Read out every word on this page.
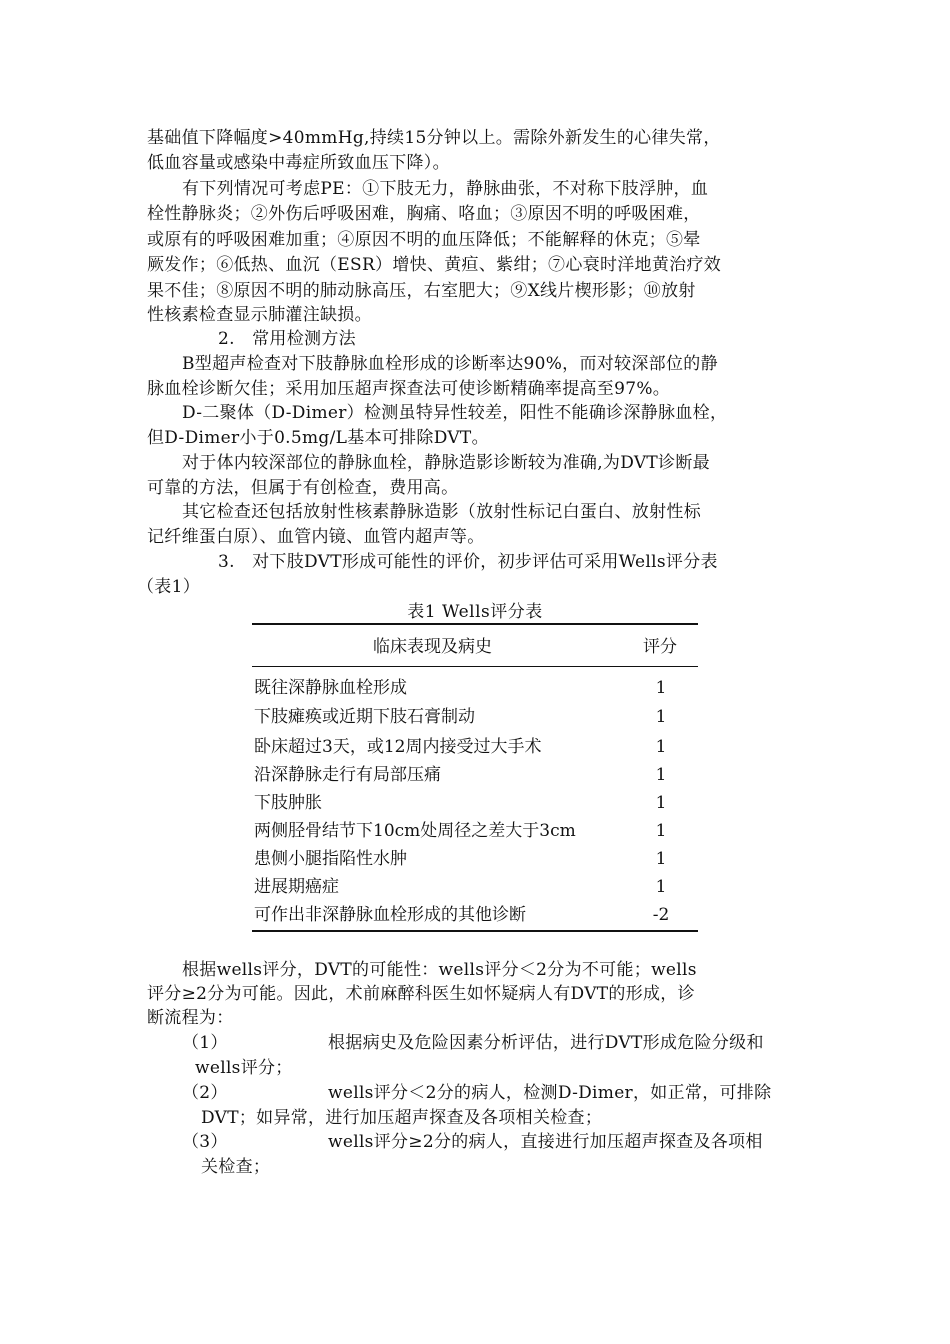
基础值下降幅度>40mmHg,持续15分钟以上。需除外新发生的心律失常，
低血容量或感染中毒症所致血压下降）。
有下列情况可考虑PE：①下肢无力，静脉曲张，不对称下肢浮肿，血
栓性静脉炎；②外伤后呼吸困难，胸痛、咯血；③原因不明的呼吸困难，
或原有的呼吸困难加重；④原因不明的血压降低；不能解释的休克；⑤晕
厥发作；⑥低热、血沉（ESR）增快、黄疸、紫绀；⑦心衰时洋地黄治疗效
果不佳；⑧原因不明的肺动脉高压，右室肥大；⑨X线片楔形影；⑩放射
性核素检查显示肺灌注缺损。
2.　常用检测方法
B型超声检查对下肢静脉血栓形成的诊断率达90%，而对较深部位的静
脉血栓诊断欠佳；采用加压超声探查法可使诊断精确率提高至97%。
D-二聚体（D-Dimer）检测虽特异性较差，阳性不能确诊深静脉血栓，
但D-Dimer小于0.5mg/L基本可排除DVT。
对于体内较深部位的静脉血栓，静脉造影诊断较为准确,为DVT诊断最
可靠的方法，但属于有创检查，费用高。
其它检查还包括放射性核素静脉造影（放射性标记白蛋白、放射性标
记纤维蛋白原）、血管内镜、血管内超声等。
3.　对下肢DVT形成可能性的评价，初步评估可采用Wells评分表
（表1）
表1 Wells评分表
临床表现及病史	评分
既往深静脉血栓形成	1
下肢瘫痪或近期下肢石膏制动	1
卧床超过3天，或12周内接受过大手术	1
沿深静脉走行有局部压痛	1
下肢肿胀	1
两侧胫骨结节下10cm处周径之差大于3cm	1
患侧小腿指陷性水肿	1
进展期癌症	1
可作出非深静脉血栓形成的其他诊断	-2
根据wells评分，DVT的可能性：wells评分＜2分为不可能；wells
评分≥2分为可能。因此，术前麻醉科医生如怀疑病人有DVT的形成，诊
断流程为：
（1）	根据病史及危险因素分析评估，进行DVT形成危险分级和
wells评分；
（2）	wells评分＜2分的病人，检测D-Dimer，如正常，可排除
DVT；如异常，进行加压超声探查及各项相关检查；
（3）	wells评分≥2分的病人，直接进行加压超声探查及各项相
关检查；
